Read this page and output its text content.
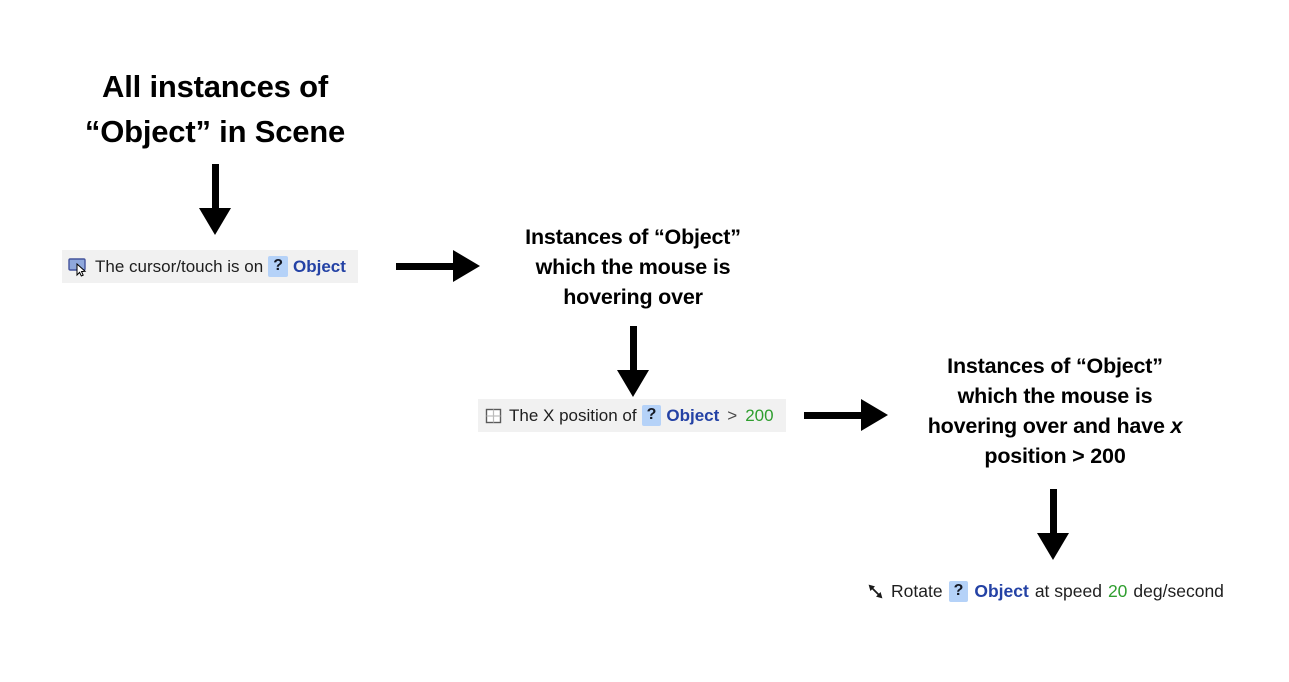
All instances of
“Object” in Scene
The cursor/touch is on ? Object
Instances of “Object”
which the mouse is
hovering over
The X position of ? Object > 200
Instances of “Object”
which the mouse is
hovering over and have x
position > 200
Rotate ? Object at speed 20 deg/second
